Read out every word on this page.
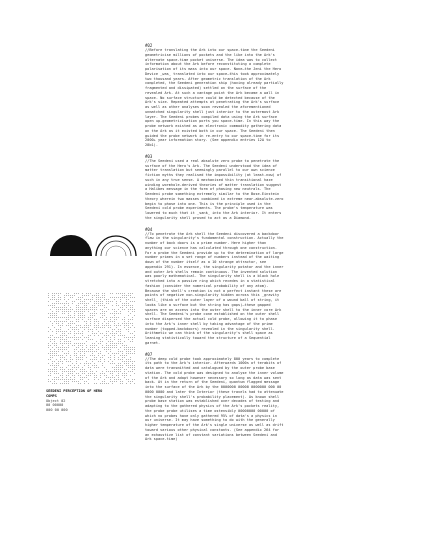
#02
//Before translating the Ark into our space-time the Seedeni geometricise millions of pockets and the like into the Ark's alternate space-time pocket universe. The idea was to collect information about the Ark before reconstituting a complete polarisation of its mass into our space. None—the Jeni the Hero Device _was_ translated into our space—this took approximately two thousand years. After geometric translation of the Ark completed, the Seedeni generation ship (having already partially fragmented and dissipated) settled on the surface of the revealed Ark. At such a vantage point the Ark became a wall in space. No surface structure could be detected because of the Ark's size. Repeated attempts at penetrating the Ark's surface as well as other analyses soon revealed the aforementioned unmatched singularity shell just interior to the outermost Ark layer. The Seedeni probes compiled data using the Ark surface open up-geometricisation ports you space-time. In this way the probe network existed as an electronic commodity gathering data on the Ark as it existed both in our space. The Seedeni then guided the probe network in re-entry to our space-time for its 2000+ year information story. (See appendix entries 12A to 28b1).
#03
//The Seedeni used a real absolute zero probe to penetrate the surface of the Hero's Ark. The Seedeni understood the idea of matter translation but seemingly parallel to our own science fiction myths they realised the impossibility (at least-now) of such in any true sense. A mechanised thin transitional haze winding wormhole-derived theories of matter translation suggest a Halibes message in the form of phasing new neutrals. The Seedeni probe something extremely similar to the Bose-Einstein theory wherein two masses combined in extreme near-absolute-zero begin to phase into one. This is the principle used in the Seedeni cold probe experiments. The probe's temperature was lowered to much that it _sank_ into the Ark interior. It enters the singularity shell proved to act as a Diamond.
#04
//To penetrate the Ark shell the Seedeni discovered a backdoor flaw in the singularity's fundamental construction. Actually the number of back doors is a prime number. Here higher than anything our science has calculated through one construction. For a probe the Seedeni provide up to the determination of large number primes in a set range of numbers instead of the waiting down of the number itself as a 10 strange attractor, see appendix 291). In essence, the singularity potator and the inner and outer Ark shells remain continuous. The invented solution was poorly mathematical. The singularity shell is a black hole stretched into a passive ring which recedes in a statistical fashion (consider the numerical probability of any atom). Because the shell's creation is not a perfect instant these are points of negative non-singularity hidden across this _gravity shell_ (think of the outer layer of a wound ball of string, it looks like a surface but the string has gaps)—these gapped spaces are an access into the outer shell to the inner core Ark shell. The Seedeni's probe cone established on the outer shell surface dispersed the actual cold probe, allowing it to phase into the Ark's inner shell by taking advantage of the prime number (topped-backdoors) revealed in the singularity shell. Arithmetic we can think of the singularity's shell space as leaning statistically toward the structure of a Sequential garnet.
#07
//The deep cold probe took approximately 800 years to complete its path to the Ark's interior. Afterwards 1000s of terabits of data were transmitted and catalogued by the outer probe base station. The cold probe was designed to analyse the inner volume of the Ark and adapt however necessary so long as data was sent back. At in the return of the Seedeni, quantum flagged message into the surface of the Ark by the 0000000 00000 0000000 000 00 0000 0000 and later the Interior (these travels had to attenuate the singularity shell's probability placement). As known shell probe base station was established over decades of testing and adapting to the gathered physics of the Ark's pockets reality, the probe probe utilises a time ostensibly 00000000 00000 of which no probes have only gathered 95% of data's a physics in our universe. It may have something to do with the generally higher temperature of the Ark's single universe as well as drift toward various other physical constants. (See appendix 264 for an exhaustive list of constant variations between Seedeni and Ark space-time)
SEEDENI PERCEPTION OF HERO COMPS
Object 02
00 00000
000 00 000
